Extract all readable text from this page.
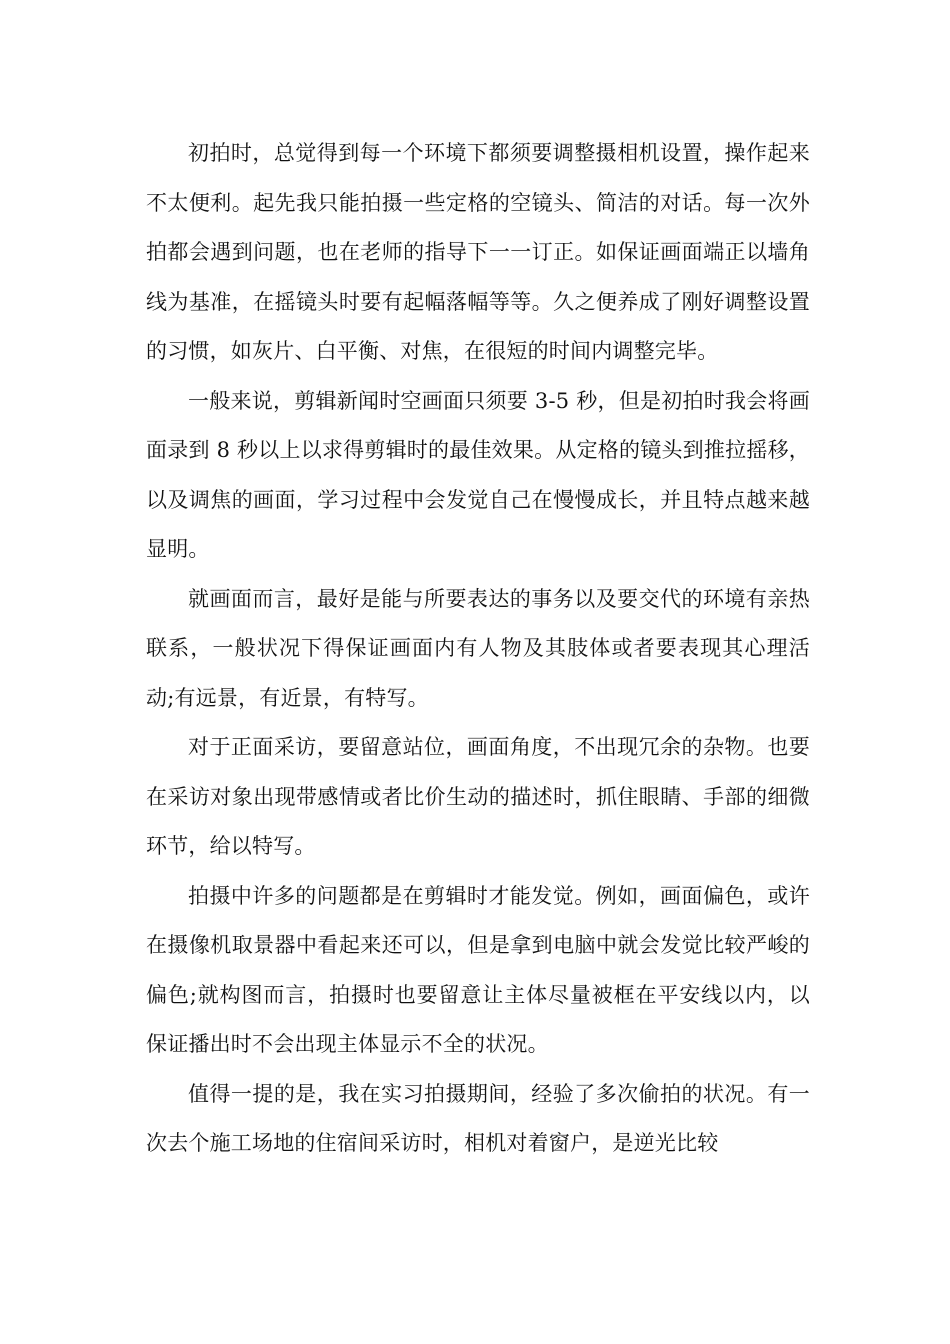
初拍时，总觉得到每一个环境下都须要调整摄相机设置，操作起来不太便利。起先我只能拍摄一些定格的空镜头、简洁的对话。每一次外拍都会遇到问题，也在老师的指导下一一订正。如保证画面端正以墙角线为基准，在摇镜头时要有起幅落幅等等。久之便养成了刚好调整设置的习惯，如灰片、白平衡、对焦，在很短的时间内调整完毕。

一般来说，剪辑新闻时空画面只须要 3-5 秒，但是初拍时我会将画面录到 8 秒以上以求得剪辑时的最佳效果。从定格的镜头到推拉摇移，以及调焦的画面，学习过程中会发觉自己在慢慢成长，并且特点越来越显明。

就画面而言，最好是能与所要表达的事务以及要交代的环境有亲热联系，一般状况下得保证画面内有人物及其肢体或者要表现其心理活动;有远景，有近景，有特写。

对于正面采访，要留意站位，画面角度，不出现冗余的杂物。也要在采访对象出现带感情或者比价生动的描述时，抓住眼睛、手部的细微环节，给以特写。

拍摄中许多的问题都是在剪辑时才能发觉。例如，画面偏色，或许在摄像机取景器中看起来还可以，但是拿到电脑中就会发觉比较严峻的偏色;就构图而言，拍摄时也要留意让主体尽量被框在平安线以内，以保证播出时不会出现主体显示不全的状况。

值得一提的是，我在实习拍摄期间，经验了多次偷拍的状况。有一次去个施工场地的住宿间采访时，相机对着窗户，是逆光比较
